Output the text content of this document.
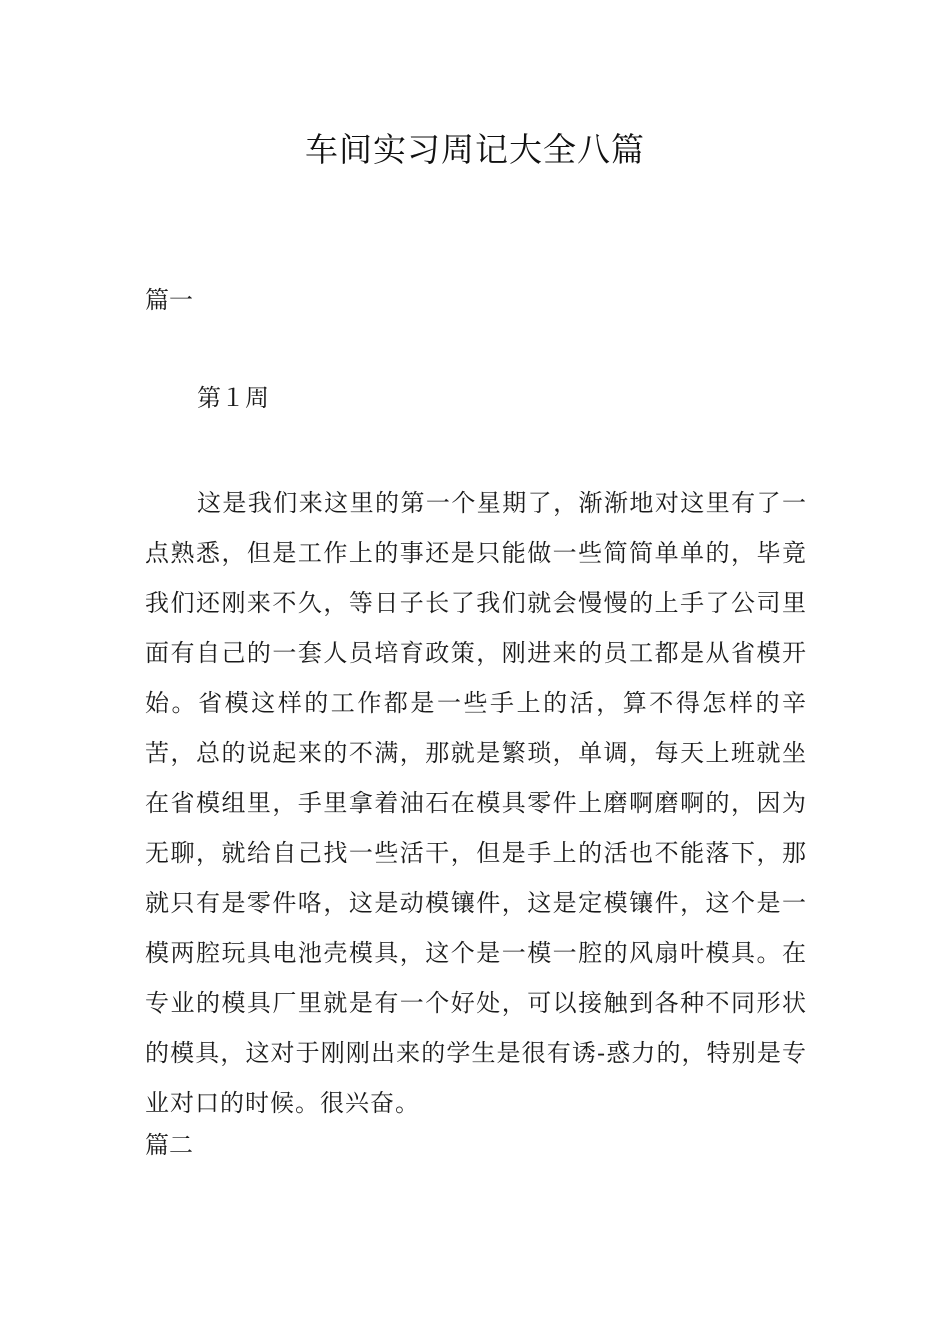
车间实习周记大全八篇
篇一
第１周

这是我们来这里的第一个星期了，渐渐地对这里有了一点熟悉，但是工作上的事还是只能做一些简简单单的，毕竟我们还刚来不久，等日子长了我们就会慢慢的上手了公司里面有自己的一套人员培育政策，刚进来的员工都是从省模开始。省模这样的工作都是一些手上的活，算不得怎样的辛苦，总的说起来的不满，那就是繁琐，单调，每天上班就坐在省模组里，手里拿着油石在模具零件上磨啊磨啊的，因为无聊，就给自己找一些活干，但是手上的活也不能落下，那就只有是零件咯，这是动模镶件，这是定模镶件，这个是一模两腔玩具电池壳模具，这个是一模一腔的风扇叶模具。在专业的模具厂里就是有一个好处，可以接触到各种不同形状的模具，这对于刚刚出来的学生是很有诱-惑力的，特别是专业对口的时候。很兴奋。

篇二
